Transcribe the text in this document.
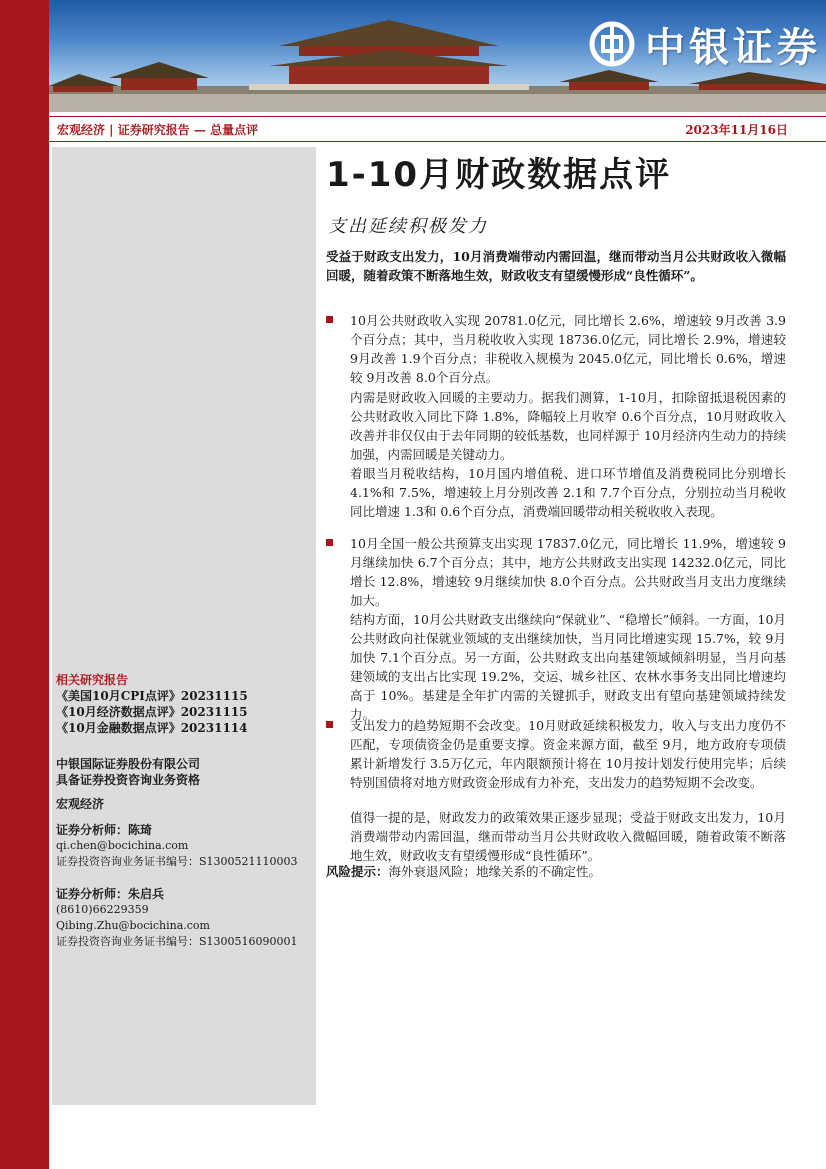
中银证券
宏观经济 | 证券研究报告 — 总量点评	2023年11月16日
相关研究报告
《美国10月CPI点评》20231115
《10月经济数据点评》20231115
《10月金融数据点评》20231114
中银国际证券股份有限公司
具备证券投资咨询业务资格
宏观经济
证券分析师：陈琦
qi.chen@bocichina.com
证券投资咨询业务证书编号：S1300521110003
证券分析师：朱启兵
(8610)66229359
Qibing.Zhu@bocichina.com
证券投资咨询业务证书编号：S1300516090001
1-10月财政数据点评
支出延续积极发力
受益于财政支出发力，10月消费端带动内需回温，继而带动当月公共财政收入微幅回暖，随着政策不断落地生效，财政收支有望缓慢形成“良性循环”。
10月公共财政收入实现 20781.0亿元，同比增长 2.6%，增速较 9月改善 3.9个百分点；其中，当月税收收入实现 18736.0亿元，同比增长 2.9%，增速较 9月改善 1.9个百分点；非税收入规模为 2045.0亿元，同比增长 0.6%，增速较 9月改善 8.0个百分点。
内需是财政收入回暖的主要动力。据我们测算，1-10月，扣除留抵退税因素的公共财政收入同比下降 1.8%，降幅较上月收窄 0.6个百分点，10月财政收入改善并非仅仅由于去年同期的较低基数，也同样源于 10月经济内生动力的持续加强，内需回暖是关键动力。
着眼当月税收结构，10月国内增值税、进口环节增值及消费税同比分别增长 4.1%和 7.5%，增速较上月分别改善 2.1和 7.7个百分点，分别拉动当月税收同比增速 1.3和 0.6个百分点，消费端回暖带动相关税收收入表现。
10月全国一般公共预算支出实现 17837.0亿元，同比增长 11.9%，增速较 9月继续加快 6.7个百分点；其中，地方公共财政支出实现 14232.0亿元，同比增长 12.8%，增速较 9月继续加快 8.0个百分点。公共财政当月支出力度继续加大。
结构方面，10月公共财政支出继续向“保就业”、“稳增长”倾斜。一方面，10月公共财政向社保就业领域的支出继续加快，当月同比增速实现 15.7%，较 9月加快 7.1个百分点。另一方面，公共财政支出向基建领域倾斜明显，当月向基建领域的支出占比实现 19.2%，交运、城乡社区、农林水事务支出同比增速均高于 10%。基建是全年扩内需的关键抓手，财政支出有望向基建领域持续发力。
支出发力的趋势短期不会改变。10月财政延续积极发力，收入与支出力度仍不匹配，专项债资金仍是重要支撑。资金来源方面，截至 9月，地方政府专项债累计新增发行 3.5万亿元，年内限额预计将在 10月按计划发行使用完毕；后续特别国债将对地方财政资金形成有力补充，支出发力的趋势短期不会改变。
值得一提的是，财政发力的政策效果正逐步显现；受益于财政支出发力，10月消费端带动内需回温，继而带动当月公共财政收入微幅回暖，随着政策不断落地生效，财政收支有望缓慢形成“良性循环”。
风险提示：海外衰退风险；地缘关系的不确定性。
